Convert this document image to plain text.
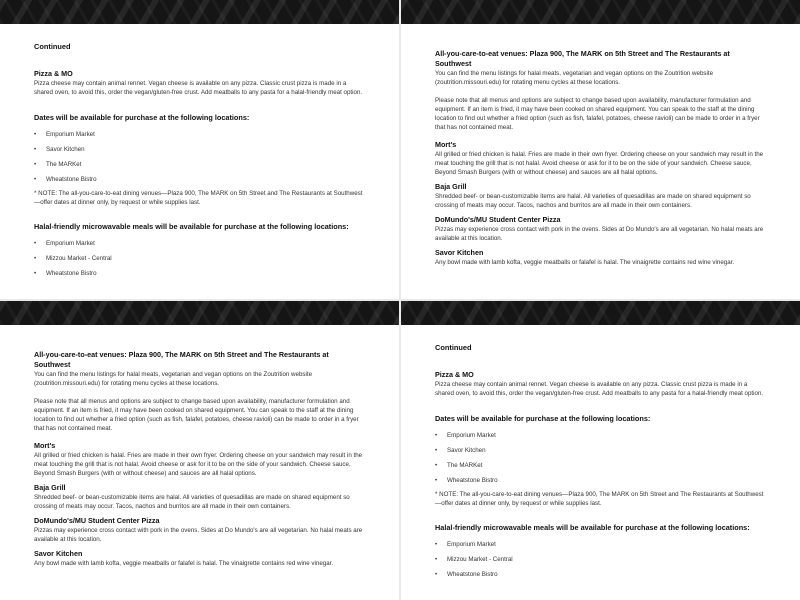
Continued
Pizza & MO

Pizza cheese may contain animal rennet. Vegan cheese is available on any pizza. Classic crust pizza is made in a shared oven, to avoid this, order the vegan/gluten-free crust. Add meatballs to any pasta for a halal-friendly meat option.

Dates will be available for purchase at the following locations:
• Emporium Market
• Savor Kitchen
• The MARKet
• Wheatstone Bistro

* NOTE: The all-you-care-to-eat dining venues—Plaza 900, The MARK on 5th Street and The Restaurants at Southwest—offer dates at dinner only, by request or while supplies last.

Halal-friendly microwavable meals will be available for purchase at the following locations:
• Emporium Market
• Mizzou Market - Central
• Wheatstone Bistro
All-you-care-to-eat venues: Plaza 900, The MARK on 5th Street and The Restaurants at Southwest

You can find the menu listings for halal meats, vegetarian and vegan options on the Zoutrition website (zoutrition.missouri.edu) for rotating menu cycles at these locations.

Please note that all menus and options are subject to change based upon availability, manufacturer formulation and equipment. If an item is fried, it may have been cooked on shared equipment. You can speak to the staff at the dining location to find out whether a fried option (such as fish, falafel, potatoes, cheese ravioli) can be made to order in a fryer that has not contained meat.

Mort's

All grilled or fried chicken is halal. Fries are made in their own fryer. Ordering cheese on your sandwich may result in the meat touching the grill that is not halal. Avoid cheese or ask for it to be on the side of your sandwich. Cheese sauce, Beyond Smash Burgers (with or without cheese) and sauces are all halal options.

Baja Grill

Shredded beef- or bean-customizable items are halal. All varieties of quesadillas are made on shared equipment so crossing of meats may occur. Tacos, nachos and burritos are all made in their own containers.

DoMundo's/MU Student Center Pizza

Pizzas may experience cross contact with pork in the ovens. Sides at Do Mundo's are all vegetarian. No halal meats are available at this location.

Savor Kitchen

Any bowl made with lamb kofta, veggie meatballs or falafel is halal. The vinaigrette contains red wine vinegar.

All-you-care-to-eat venues: Plaza 900, The MARK on 5th Street and The Restaurants at Southwest

You can find the menu listings for halal meats, vegetarian and vegan options on the Zoutrition website (zoutrition.missouri.edu) for rotating menu cycles at these locations.

Please note that all menus and options are subject to change based upon availability, manufacturer formulation and equipment. If an item is fried, it may have been cooked on shared equipment. You can speak to the staff at the dining location to find out whether a fried option (such as fish, falafel, potatoes, cheese ravioli) can be made to order in a fryer that has not contained meat.

Mort's

All grilled or fried chicken is halal. Fries are made in their own fryer. Ordering cheese on your sandwich may result in the meat touching the grill that is not halal. Avoid cheese or ask for it to be on the side of your sandwich. Cheese sauce, Beyond Smash Burgers (with or without cheese) and sauces are all halal options.

Baja Grill

Shredded beef- or bean-customizable items are halal. All varieties of quesadillas are made on shared equipment so crossing of meats may occur. Tacos, nachos and burritos are all made in their own containers.

DoMundo's/MU Student Center Pizza

Pizzas may experience cross contact with pork in the ovens. Sides at Do Mundo's are all vegetarian. No halal meats are available at this location.

Savor Kitchen

Any bowl made with lamb kofta, veggie meatballs or falafel is halal. The vinaigrette contains red wine vinegar.

Continued
Pizza & MO

Pizza cheese may contain animal rennet. Vegan cheese is available on any pizza. Classic crust pizza is made in a shared oven, to avoid this, order the vegan/gluten-free crust. Add meatballs to any pasta for a halal-friendly meat option.

Dates will be available for purchase at the following locations:
• Emporium Market
• Savor Kitchen
• The MARKet
• Wheatstone Bistro

* NOTE: The all-you-care-to-eat dining venues—Plaza 900, The MARK on 5th Street and The Restaurants at Southwest—offer dates at dinner only, by request or while supplies last.

Halal-friendly microwavable meals will be available for purchase at the following locations:
• Emporium Market
• Mizzou Market - Central
• Wheatstone Bistro
